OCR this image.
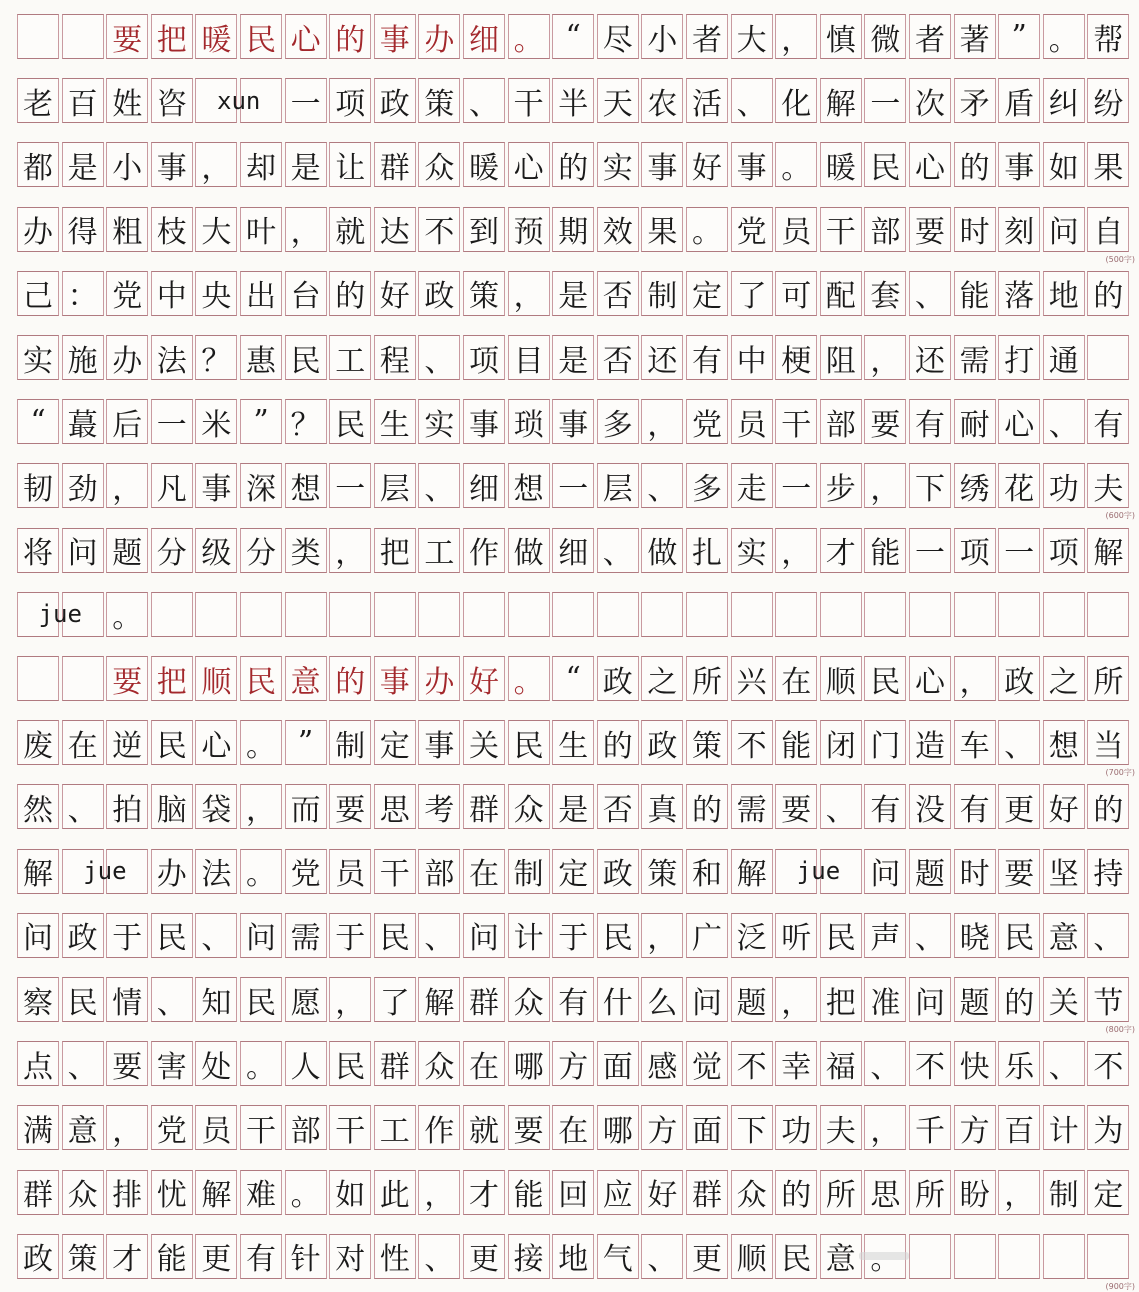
要 把 暖 民 心 的 事 办 细 。 “ 尽 小 者 大 ， 慎 微 者 著 ” 。 帮
老 百 姓 咨	xun	一 项 政 策 、 干 半 天 农 活 、 化 解 一 次 矛 盾 纠 纷
都 是 小 事 ， 却 是 让 群 众 暖 心 的 实 事 好 事 。 暖 民 心 的 事 如 果
办 得 粗 枝 大 叶 ， 就 达 不 到 预 期 效 果 。 党 员 干 部 要 时 刻 问 自
己 ： 党 中 央 出 台 的 好 政 策 ， 是 否 制 定 了 可 配 套 、 能 落 地 的
实 施 办 法 ？ 惠 民 工 程 、 项 目 是 否 还 有 中 梗 阻 ， 还 需 打 通
“ 蕞 后 一 米 ” ？ 民 生 实 事 琐 事 多 ， 党 员 干 部 要 有 耐 心 、 有
韧 劲 ， 凡 事 深 想 一 层 、 细 想 一 层 、 多 走 一 步 ， 下 绣 花 功 夫
将 问 题 分 级 分 类 ， 把 工 作 做 细 、 做 扎 实 ， 才 能 一 项 一 项 解
jue	。
要 把 顺 民 意 的 事 办 好 。 “ 政 之 所 兴 在 顺 民 心 ， 政 之 所
废 在 逆 民 心 。 ” 制 定 事 关 民 生 的 政 策 不 能 闭 门 造 车 、 想 当
然 、 拍 脑 袋 ， 而 要 思 考 群 众 是 否 真 的 需 要 、 有 没 有 更 好 的
解	jue	办 法 。 党 员 干 部 在 制 定 政 策 和 解	jue	问 题 时 要 坚 持
问 政 于 民 、 问 需 于 民 、 问 计 于 民 ， 广 泛 听 民 声 、 晓 民 意 、
察 民 情 、 知 民 愿 ， 了 解 群 众 有 什 么 问 题 ， 把 准 问 题 的 关 节
点 、 要 害 处 。 人 民 群 众 在 哪 方 面 感 觉 不 幸 福 、 不 快 乐 、 不
满 意 ， 党 员 干 部 干 工 作 就 要 在 哪 方 面 下 功 夫 ， 千 方 百 计 为
群 众 排 忧 解 难 。 如 此 ， 才 能 回 应 好 群 众 的 所 思 所 盼 ， 制 定
政 策 才 能 更 有 针 对 性 、 更 接 地 气 、 更 顺 民 意
(500字)
(600字)
(700字)
(800字)
(900字)
